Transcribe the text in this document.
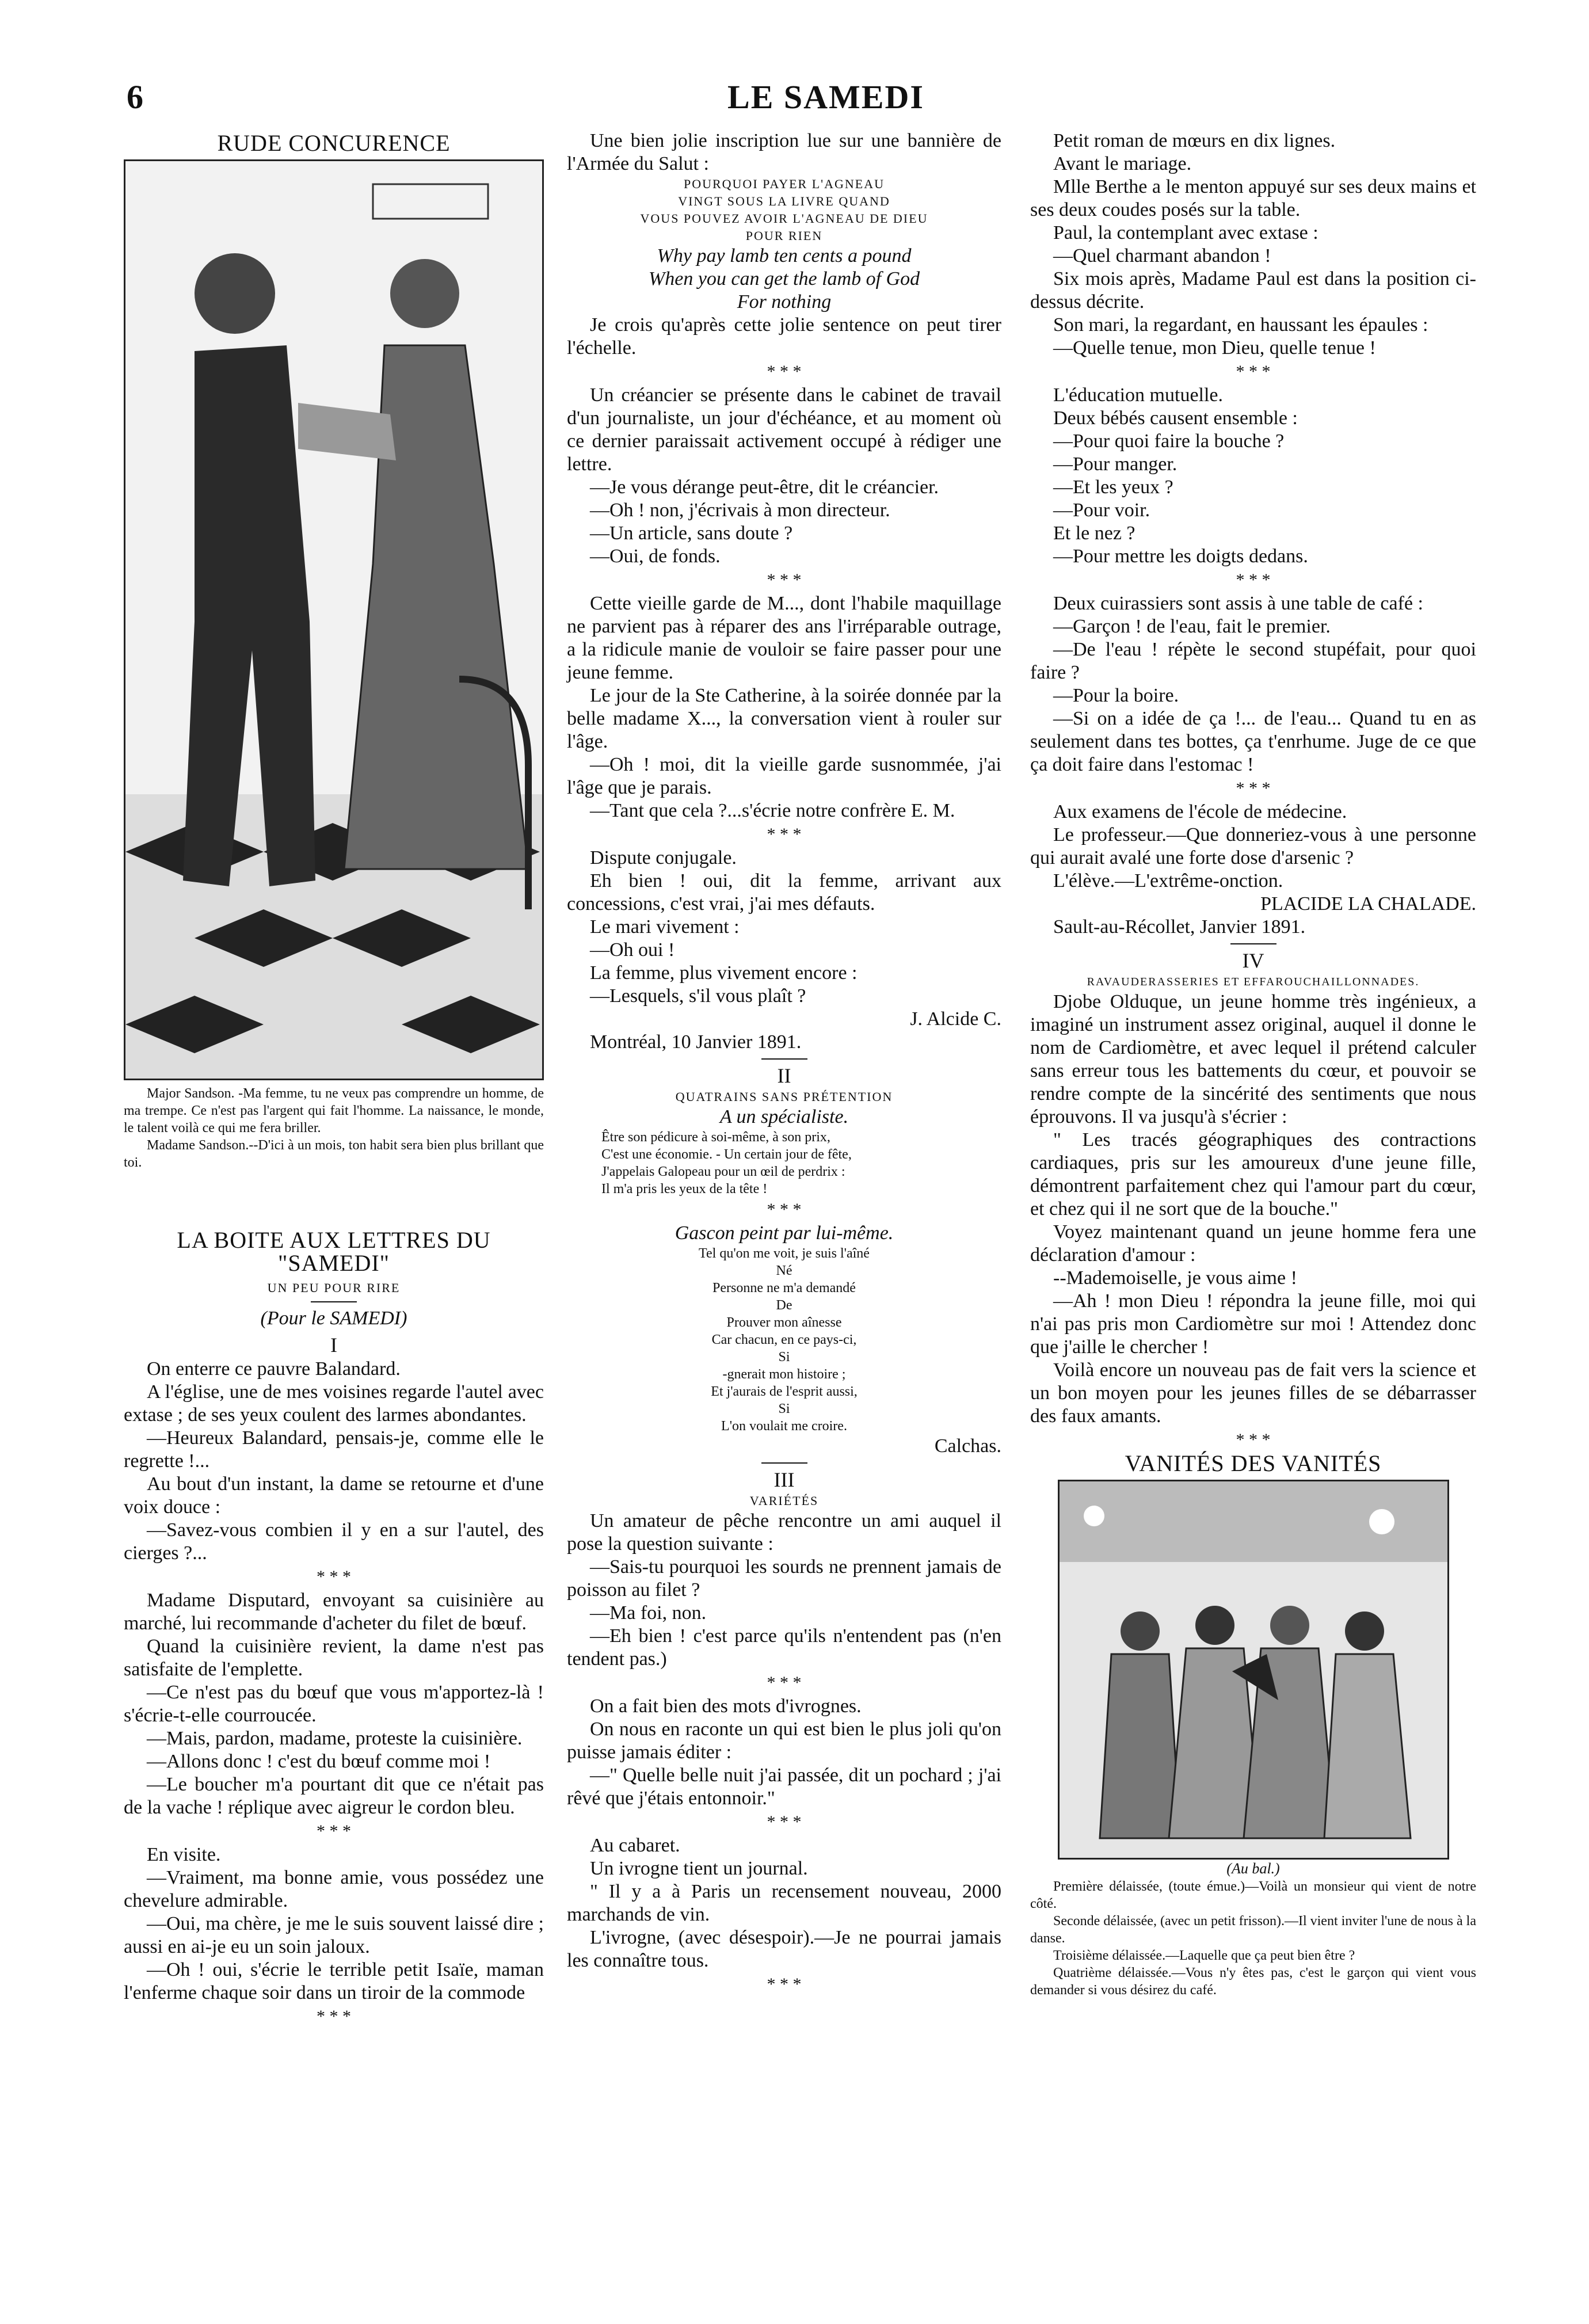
6	LE SAMEDI
RUDE CONCURENCE

Major Sandson. -Ma femme, tu ne veux pas comprendre un homme, de ma trempe. Ce n'est pas l'argent qui fait l'homme. La naissance, le monde, le talent voilà ce qui me fera briller.

Madame Sandson.--D'ici à un mois, ton habit sera bien plus brillant que toi.

LA BOITE AUX LETTRES DU "SAMEDI"
UN PEU POUR RIRE
(Pour le SAMEDI)
I

On enterre ce pauvre Balandard.

A l'église, une de mes voisines regarde l'autel avec extase ; de ses yeux coulent des larmes abondantes.

—Heureux Balandard, pensais-je, comme elle le regrette !...

Au bout d'un instant, la dame se retourne et d'une voix douce :

—Savez-vous combien il y en a sur l'autel, des cierges ?...

* * *

Madame Disputard, envoyant sa cuisinière au marché, lui recommande d'acheter du filet de bœuf.

Quand la cuisinière revient, la dame n'est pas satisfaite de l'emplette.

—Ce n'est pas du bœuf que vous m'apportez-là ! s'écrie-t-elle courroucée.

—Mais, pardon, madame, proteste la cuisinière.

—Allons donc ! c'est du bœuf comme moi !

—Le boucher m'a pourtant dit que ce n'était pas de la vache ! réplique avec aigreur le cordon bleu.

* * *

En visite.

—Vraiment, ma bonne amie, vous possédez une chevelure admirable.

—Oui, ma chère, je me le suis souvent laissé dire ; aussi en ai-je eu un soin jaloux.

—Oh ! oui, s'écrie le terrible petit Isaïe, maman l'enferme chaque soir dans un tiroir de la commode

* * *

Une bien jolie inscription lue sur une bannière de l'Armée du Salut :

POURQUOI PAYER L'AGNEAU
VINGT SOUS LA LIVRE QUAND
VOUS POUVEZ AVOIR L'AGNEAU DE DIEU
POUR RIEN
Why pay lamb ten cents a pound
When you can get the lamb of God
For nothing

Je crois qu'après cette jolie sentence on peut tirer l'échelle.

* * *

Un créancier se présente dans le cabinet de travail d'un journaliste, un jour d'échéance, et au moment où ce dernier paraissait activement occupé à rédiger une lettre.

—Je vous dérange peut-être, dit le créancier.

—Oh ! non, j'écrivais à mon directeur.

—Un article, sans doute ?

—Oui, de fonds.

* * *

Cette vieille garde de M..., dont l'habile maquillage ne parvient pas à réparer des ans l'irréparable outrage, a la ridicule manie de vouloir se faire passer pour une jeune femme.

Le jour de la Ste Catherine, à la soirée donnée par la belle madame X..., la conversation vient à rouler sur l'âge.

—Oh ! moi, dit la vieille garde susnommée, j'ai l'âge que je parais.

—Tant que cela ?...s'écrie notre confrère E. M.

* * *

Dispute conjugale.

Eh bien ! oui, dit la femme, arrivant aux concessions, c'est vrai, j'ai mes défauts.

Le mari vivement :

—Oh oui !

La femme, plus vivement encore :

—Lesquels, s'il vous plaît ?

J. Alcide C.

Montréal, 10 Janvier 1891.

II
QUATRAINS SANS PRÉTENTION
A un spécialiste.
Être son pédicure à soi-même, à son prix,
C'est une économie. - Un certain jour de fête,
J'appelais Galopeau pour un œil de perdrix :
Il m'a pris les yeux de la tête !
* * *
Gascon peint par lui-même.
Tel qu'on me voit, je suis l'aîné
Né
Personne ne m'a demandé
De
Prouver mon aînesse
Car chacun, en ce pays-ci,
Si
-gnerait mon histoire ;
Et j'aurais de l'esprit aussi,
Si
L'on voulait me croire.
Calchas.
III
VARIÉTÉS

Un amateur de pêche rencontre un ami auquel il pose la question suivante :

—Sais-tu pourquoi les sourds ne prennent jamais de poisson au filet ?

—Ma foi, non.

—Eh bien ! c'est parce qu'ils n'entendent pas (n'en tendent pas.)

* * *

On a fait bien des mots d'ivrognes.

On nous en raconte un qui est bien le plus joli qu'on puisse jamais éditer :

—" Quelle belle nuit j'ai passée, dit un pochard ; j'ai rêvé que j'étais entonnoir."

* * *

Au cabaret.

Un ivrogne tient un journal.

" Il y a à Paris un recensement nouveau, 2000 marchands de vin.

L'ivrogne, (avec désespoir).—Je ne pourrai jamais les connaître tous.

* * *

Petit roman de mœurs en dix lignes.

Avant le mariage.

Mlle Berthe a le menton appuyé sur ses deux mains et ses deux coudes posés sur la table.

Paul, la contemplant avec extase :

—Quel charmant abandon !

Six mois après, Madame Paul est dans la position ci-dessus décrite.

Son mari, la regardant, en haussant les épaules :

—Quelle tenue, mon Dieu, quelle tenue !

* * *

L'éducation mutuelle.

Deux bébés causent ensemble :

—Pour quoi faire la bouche ?

—Pour manger.

—Et les yeux ?

—Pour voir.

Et le nez ?

—Pour mettre les doigts dedans.

* * *

Deux cuirassiers sont assis à une table de café :

—Garçon ! de l'eau, fait le premier.

—De l'eau ! répète le second stupéfait, pour quoi faire ?

—Pour la boire.

—Si on a idée de ça !... de l'eau... Quand tu en as seulement dans tes bottes, ça t'enrhume. Juge de ce que ça doit faire dans l'estomac !

* * *

Aux examens de l'école de médecine.

Le professeur.—Que donneriez-vous à une personne qui aurait avalé une forte dose d'arsenic ?

L'élève.—L'extrême-onction.

PLACIDE LA CHALADE.

Sault-au-Récollet, Janvier 1891.

IV
RAVAUDERASSERIES ET EFFAROUCHAILLONNADES.

Djobe Olduque, un jeune homme très ingénieux, a imaginé un instrument assez original, auquel il donne le nom de Cardiomètre, et avec lequel il prétend calculer sans erreur tous les battements du cœur, et pouvoir se rendre compte de la sincérité des sentiments que nous éprouvons. Il va jusqu'à s'écrier :

" Les tracés géographiques des contractions cardiaques, pris sur les amoureux d'une jeune fille, démontrent parfaitement chez qui l'amour part du cœur, et chez qui il ne sort que de la bouche."

Voyez maintenant quand un jeune homme fera une déclaration d'amour :

--Mademoiselle, je vous aime !

—Ah ! mon Dieu ! répondra la jeune fille, moi qui n'ai pas pris mon Cardiomètre sur moi ! Attendez donc que j'aille le chercher !

Voilà encore un nouveau pas de fait vers la science et un bon moyen pour les jeunes filles de se débarrasser des faux amants.

* * *
VANITÉS DES VANITÉS
(Au bal.)

Première délaissée, (toute émue.)—Voilà un monsieur qui vient de notre côté.

Seconde délaissée, (avec un petit frisson).—Il vient inviter l'une de nous à la danse.

Troisième délaissée.—Laquelle que ça peut bien être ?

Quatrième délaissée.—Vous n'y êtes pas, c'est le garçon qui vient vous demander si vous désirez du café.
